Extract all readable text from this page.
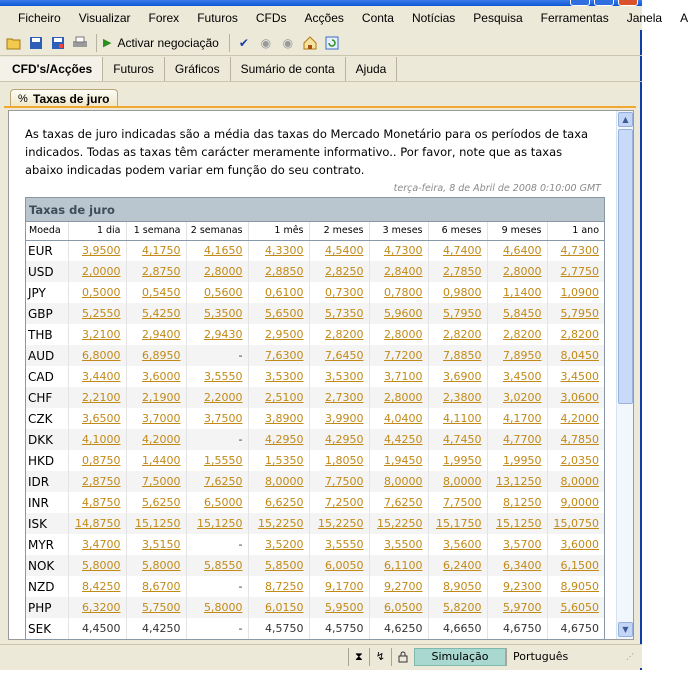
Ficheiro	Visualizar	Forex	Futuros	CFDs	Acções	Conta	Notícias	Pesquisa	Ferramentas	Janela	A
▶ Activar negociação ✔ ◉ ◉
CFD's/Acções	Futuros	Gráficos	Sumário de conta	Ajuda
% Taxas de juro
As taxas de juro indicadas são a média das taxas do Mercado Monetário para os períodos de taxa indicados. Todas as taxas têm carácter meramente informativo.. Por favor, note que as taxas abaixo indicadas podem variar em função do seu contrato.
terça-feira, 8 de Abril de 2008 0:10:00 GMT
Taxas de juro
Moeda	1 dia	1 semana	2 semanas	1 mês	2 meses	3 meses	6 meses	9 meses	1 ano
EUR	3,9500	4,1750	4,1650	4,3300	4,5400	4,7300	4,7400	4,6400	4,7300
USD	2,0000	2,8750	2,8000	2,8850	2,8250	2,8400	2,7850	2,8000	2,7750
JPY	0,5000	0,5450	0,5600	0,6100	0,7300	0,7800	0,9800	1,1400	1,0900
GBP	5,2550	5,4250	5,3500	5,6500	5,7350	5,9600	5,7950	5,8450	5,7950
THB	3,2100	2,9400	2,9430	2,9500	2,8200	2,8000	2,8200	2,8200	2,8200
AUD	6,8000	6,8950	-	7,6300	7,6450	7,7200	7,8850	7,8950	8,0450
CAD	3,4400	3,6000	3,5550	3,5300	3,5300	3,7100	3,6900	3,4500	3,4500
CHF	2,2100	2,1900	2,2000	2,5100	2,7300	2,8000	2,3800	3,0200	3,0600
CZK	3,6500	3,7000	3,7500	3,8900	3,9900	4,0400	4,1100	4,1700	4,2000
DKK	4,1000	4,2000	-	4,2950	4,2950	4,4250	4,7450	4,7700	4,7850
HKD	0,8750	1,4400	1,5550	1,5350	1,8050	1,9450	1,9950	1,9950	2,0350
IDR	2,8750	7,5000	7,6250	8,0000	7,7500	8,0000	8,0000	13,1250	8,0000
INR	4,8750	5,6250	6,5000	6,6250	7,2500	7,6250	7,7500	8,1250	9,0000
ISK	14,8750	15,1250	15,1250	15,2250	15,2250	15,2250	15,1750	15,1250	15,0750
MYR	3,4700	3,5150	-	3,5200	3,5550	3,5500	3,5600	3,5700	3,6000
NOK	5,8000	5,8000	5,8550	5,8500	6,0050	6,1100	6,2400	6,3400	6,1500
NZD	8,4250	8,6700	-	8,7250	9,1700	9,2700	8,9050	9,2300	8,9050
PHP	6,3200	5,7500	5,8000	6,0150	5,9500	6,0500	5,8200	5,9700	5,6050
SEK	4,4500	4,4250	-	4,5750	4,5750	4,6250	4,6650	4,6750	4,6750
▲
▼
⧗	↯	Simulação	Português	⋰
